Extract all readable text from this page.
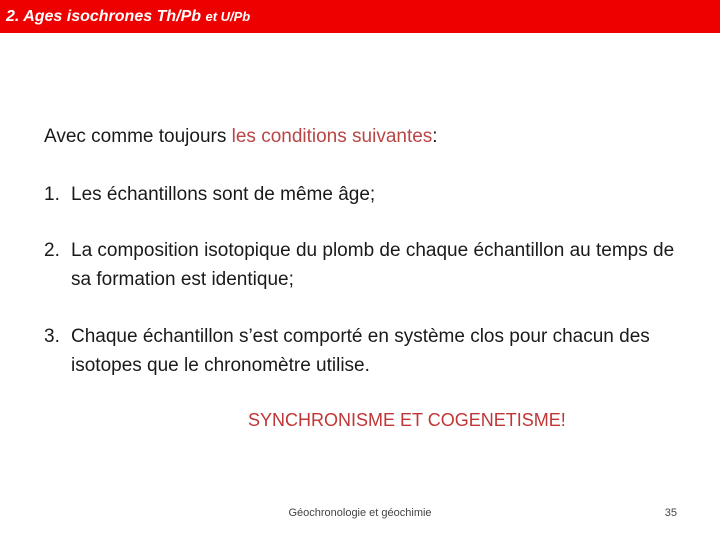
2. Ages isochrones Th/Pb et U/Pb
Avec comme toujours les conditions suivantes:
1. Les échantillons sont de même âge;
2. La composition isotopique du plomb de chaque échantillon au temps de sa formation est identique;
3. Chaque échantillon s’est comporté en système clos pour chacun des isotopes que le chronomètre utilise.
SYNCHRONISME ET COGENETISME!
Géochronologie et géochimie	35
